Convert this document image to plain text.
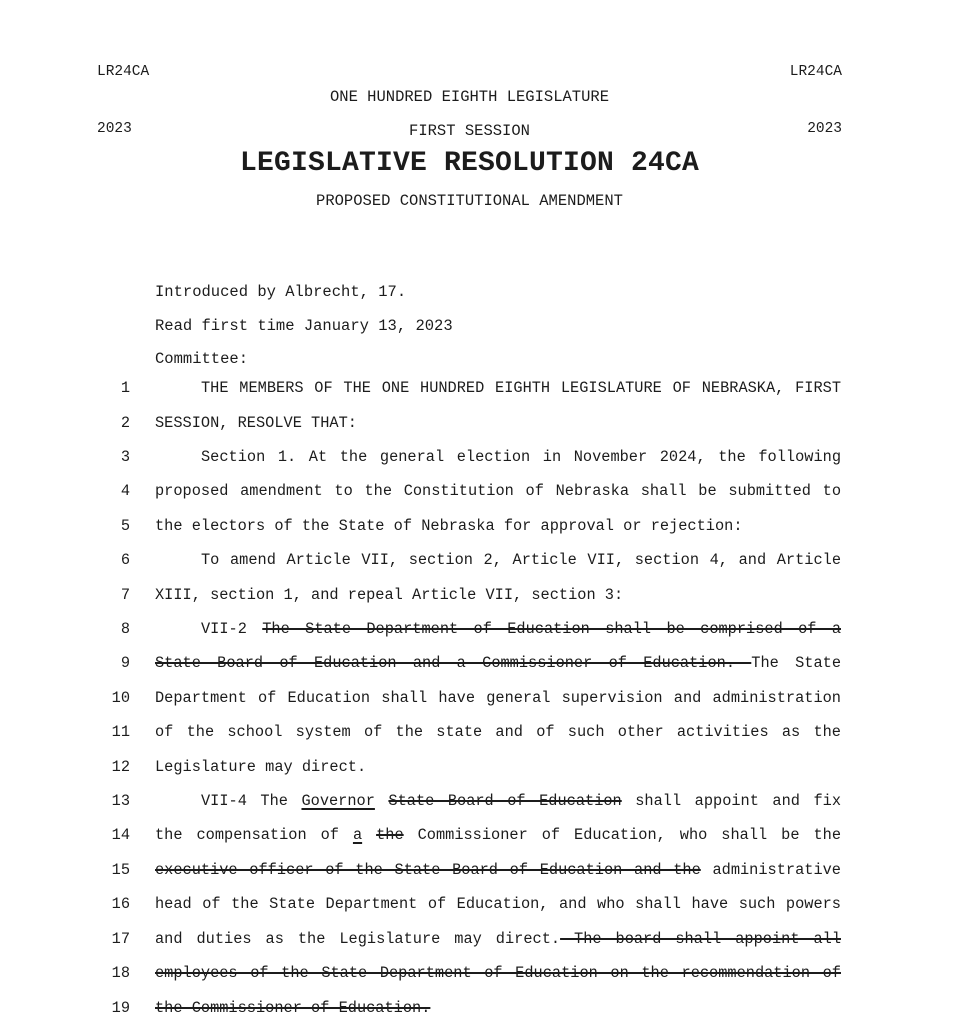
LR24CA

2023

LR24CA

2023

ONE HUNDRED EIGHTH LEGISLATURE
FIRST SESSION
LEGISLATIVE RESOLUTION 24CA
PROPOSED CONSTITUTIONAL AMENDMENT
Introduced by Albrecht, 17.
Read first time January 13, 2023
Committee:
1	THE MEMBERS OF THE ONE HUNDRED EIGHTH LEGISLATURE OF NEBRASKA, FIRST
2 SESSION, RESOLVE THAT:
3	Section 1. At the general election in November 2024, the following
4 proposed amendment to the Constitution of Nebraska shall be submitted to
5 the electors of the State of Nebraska for approval or rejection:
6	To amend Article VII, section 2, Article VII, section 4, and Article
7 XIII, section 1, and repeal Article VII, section 3:
8	VII-2 The State Department of Education shall be comprised of a
9 State Board of Education and a Commissioner of Education. The State
10 Department of Education shall have general supervision and administration
11 of the school system of the state and of such other activities as the
12 Legislature may direct.
13	VII-4 The Governor State Board of Education shall appoint and fix
14 the compensation of a the Commissioner of Education, who shall be the
15 executive officer of the State Board of Education and the administrative
16 head of the State Department of Education, and who shall have such powers
17 and duties as the Legislature may direct. The board shall appoint all
18 employees of the State Department of Education on the recommendation of
19 the Commissioner of Education.
